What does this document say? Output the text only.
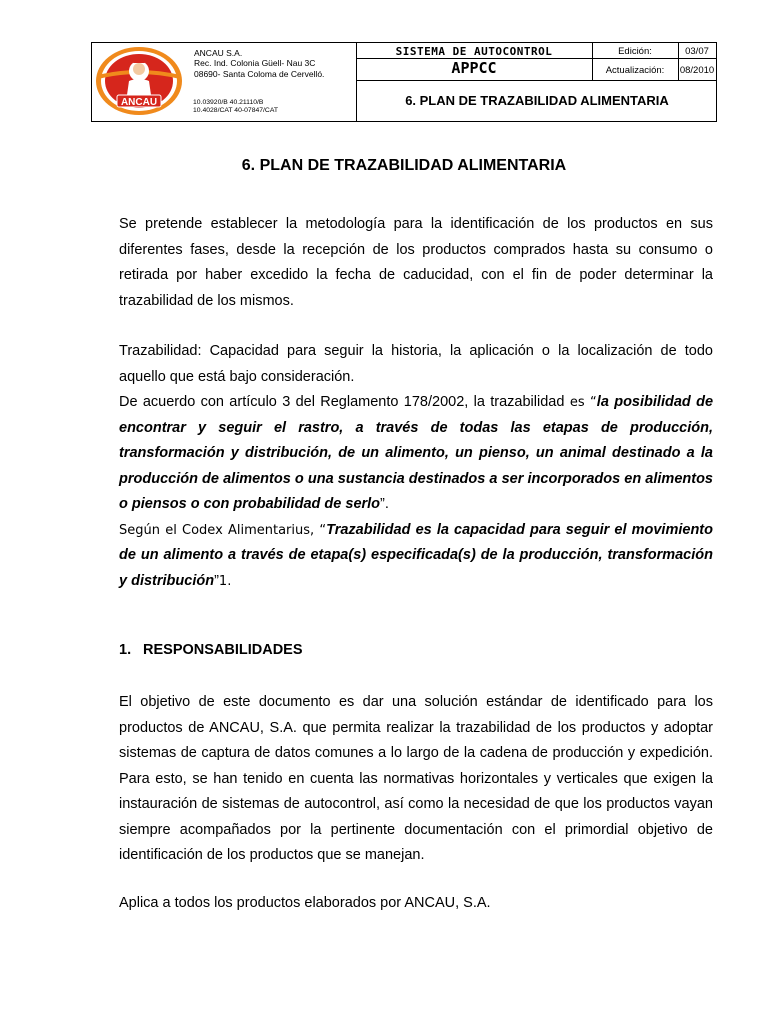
ANCAU
ANCAU S.A.
Rec. Ind. Colonia Güell- Nau 3C
08690- Santa Coloma de Cervelló.
10.03920/B 40.21110/B
10.4028/CAT 40-07847/CAT
SISTEMA DE AUTOCONTROL
APPCC
6. PLAN DE TRAZABILIDAD ALIMENTARIA
Edición:	03/07
Actualización:	08/2010
6. PLAN DE TRAZABILIDAD ALIMENTARIA

Se pretende establecer la metodología para la identificación de los productos en sus diferentes fases, desde la recepción de los productos comprados hasta su consumo o retirada por haber excedido la fecha de caducidad, con el fin de poder determinar la trazabilidad de los mismos.

Trazabilidad: Capacidad para seguir la historia, la aplicación o la localización de todo aquello que está bajo consideración.
De acuerdo con artículo 3 del Reglamento 178/2002, la trazabilidad es “la posibilidad de encontrar y seguir el rastro, a través de todas las etapas de producción, transformación y distribución, de un alimento, un pienso, un animal destinado a la producción de alimentos o una sustancia destinados a ser incorporados en alimentos o piensos o con probabilidad de serlo”.
Según el Codex Alimentarius, “Trazabilidad es la capacidad para seguir el movimiento de un alimento a través de etapa(s) especificada(s) de la producción, transformación y distribución”1.

1. RESPONSABILIDADES

El objetivo de este documento es dar una solución estándar de identificado para los productos de ANCAU, S.A. que permita realizar la trazabilidad de los productos y adoptar sistemas de captura de datos comunes a lo largo de la cadena de producción y expedición. Para esto, se han tenido en cuenta las normativas horizontales y verticales que exigen la instauración de sistemas de autocontrol, así como la necesidad de que los productos vayan siempre acompañados por la pertinente documentación con el primordial objetivo de identificación de los productos que se manejan.

Aplica a todos los productos elaborados por ANCAU, S.A.
